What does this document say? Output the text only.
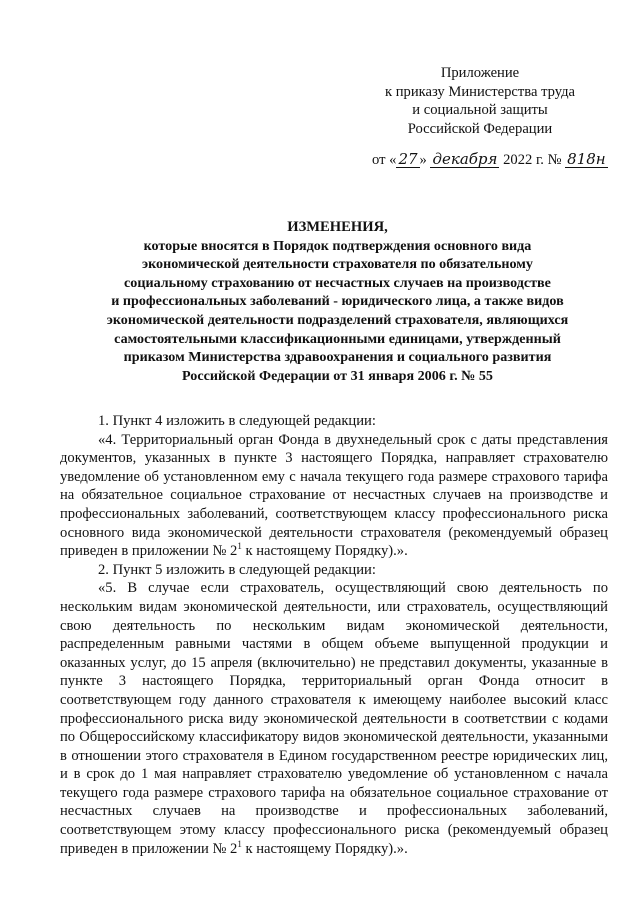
Приложение
к приказу Министерства труда
и социальной защиты
Российской Федерации
от « 27 » декабря 2022 г. № 818н
ИЗМЕНЕНИЯ,
которые вносятся в Порядок подтверждения основного вида
экономической деятельности страхователя по обязательному
социальному страхованию от несчастных случаев на производстве
и профессиональных заболеваний - юридического лица, а также видов
экономической деятельности подразделений страхователя, являющихся
самостоятельными классификационными единицами, утвержденный
приказом Министерства здравоохранения и социального развития
Российской Федерации от 31 января 2006 г. № 55

1. Пункт 4 изложить в следующей редакции:

«4. Территориальный орган Фонда в двухнедельный срок с даты представления документов, указанных в пункте 3 настоящего Порядка, направляет страхователю уведомление об установленном ему с начала текущего года размере страхового тарифа на обязательное социальное страхование от несчастных случаев на производстве и профессиональных заболеваний, соответствующем классу профессионального риска основного вида экономической деятельности страхователя (рекомендуемый образец приведен в приложении № $2^1$ к настоящему Порядку).».

2. Пункт 5 изложить в следующей редакции:

«5. В случае если страхователь, осуществляющий свою деятельность по нескольким видам экономической деятельности, или страхователь, осуществляющий свою деятельность по нескольким видам экономической деятельности, распределенным равными частями в общем объеме выпущенной продукции и оказанных услуг, до 15 апреля (включительно) не представил документы, указанные в пункте 3 настоящего Порядка, территориальный орган Фонда относит в соответствующем году данного страхователя к имеющему наиболее высокий класс профессионального риска виду экономической деятельности в соответствии с кодами по Общероссийскому классификатору видов экономической деятельности, указанными в отношении этого страхователя в Едином государственном реестре юридических лиц, и в срок до 1 мая направляет страхователю уведомление об установленном с начала текущего года размере страхового тарифа на обязательное социальное страхование от несчастных случаев на производстве и профессиональных заболеваний, соответствующем этому классу профессионального риска (рекомендуемый образец приведен в приложении № $2^1$ к настоящему Порядку).».
